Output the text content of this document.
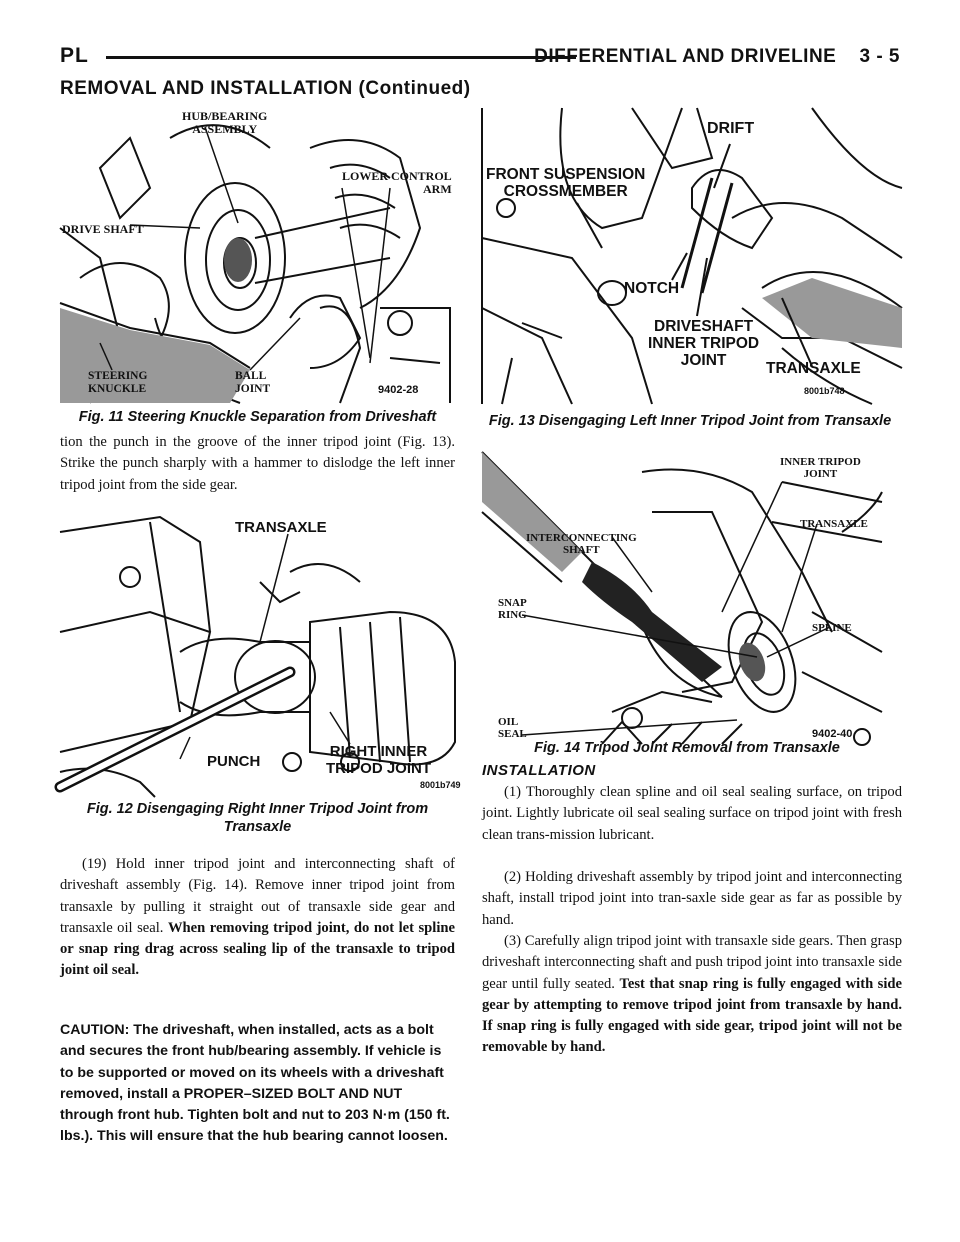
PL	DIFFERENTIAL AND DRIVELINE    3 - 5
REMOVAL AND INSTALLATION (Continued)
HUB/BEARING
ASSEMBLY
LOWER CONTROL
ARM
DRIVE SHAFT
STEERING
KNUCKLE
BALL
JOINT	9402-28
Fig. 11 Steering Knuckle Separation from Driveshaft
tion the punch in the groove of the inner tripod joint (Fig. 13). Strike the punch sharply with a hammer to dislodge the left inner tripod joint from the side gear.
TRANSAXLE
PUNCH
RIGHT INNER
TRIPOD JOINT
8001b749
Fig. 12 Disengaging Right Inner Tripod Joint from Transaxle
(19) Hold inner tripod joint and interconnecting shaft of driveshaft assembly (Fig. 14). Remove inner tripod joint from transaxle by pulling it straight out of transaxle side gear and transaxle oil seal. When removing tripod joint, do not let spline or snap ring drag across sealing lip of the transaxle to tripod joint oil seal.
CAUTION: The driveshaft, when installed, acts as a bolt and secures the front hub/bearing assembly. If vehicle is to be supported or moved on its wheels with a driveshaft removed, install a PROPER–SIZED BOLT AND NUT through front hub. Tighten bolt and nut to 203 N·m (150 ft. lbs.). This will ensure that the hub bearing cannot loosen.
DRIFT
FRONT SUSPENSION
CROSSMEMBER
NOTCH
DRIVESHAFT
INNER TRIPOD
JOINT	TRANSAXLE
8001b748
Fig. 13 Disengaging Left Inner Tripod Joint from Transaxle
INNER TRIPOD
JOINT
TRANSAXLE
INTERCONNECTING
SHAFT
SNAP
RING
SPLINE
OIL
SEAL	9402-40
Fig. 14 Tripod Joint Removal from Transaxle
INSTALLATION
(1) Thoroughly clean spline and oil seal sealing surface, on tripod joint. Lightly lubricate oil seal sealing surface on tripod joint with fresh clean trans-mission lubricant.
(2) Holding driveshaft assembly by tripod joint and interconnecting shaft, install tripod joint into tran-saxle side gear as far as possible by hand.
(3) Carefully align tripod joint with transaxle side gears. Then grasp driveshaft interconnecting shaft and push tripod joint into transaxle side gear until fully seated. Test that snap ring is fully engaged with side gear by attempting to remove tripod joint from transaxle by hand. If snap ring is fully engaged with side gear, tripod joint will not be removable by hand.
